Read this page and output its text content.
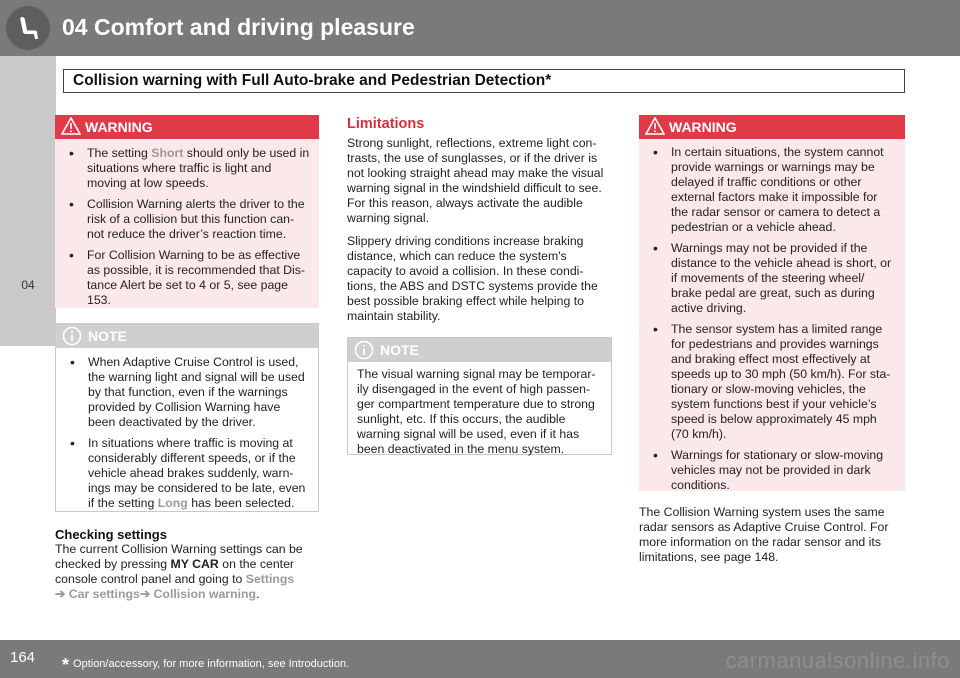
04 Comfort and driving pleasure
04
Collision warning with Full Auto-brake and Pedestrian Detection*
WARNING
• The setting Short should only be used in situations where traffic is light and moving at low speeds.
• Collision Warning alerts the driver to the risk of a collision but this function can-not reduce the driver’s reaction time.
• For Collision Warning to be as effective as possible, it is recommended that Dis-tance Alert be set to 4 or 5, see page 153.
NOTE
• When Adaptive Cruise Control is used, the warning light and signal will be used by that function, even if the warnings provided by Collision Warning have been deactivated by the driver.
• In situations where traffic is moving at considerably different speeds, or if the vehicle ahead brakes suddenly, warn-ings may be considered to be late, even if the setting Long has been selected.
Checking settings

The current Collision Warning settings can be checked by pressing MY CAR on the center console control panel and going to Settings
➔ Car settings➔ Collision warning.

Limitations

Strong sunlight, reflections, extreme light con-trasts, the use of sunglasses, or if the driver is not looking straight ahead may make the visual warning signal in the windshield difficult to see. For this reason, always activate the audible warning signal.

Slippery driving conditions increase braking distance, which can reduce the system's capacity to avoid a collision. In these condi-tions, the ABS and DSTC systems provide the best possible braking effect while helping to maintain stability.

NOTE

The visual warning signal may be temporar-ily disengaged in the event of high passen-ger compartment temperature due to strong sunlight, etc. If this occurs, the audible warning signal will be used, even if it has been deactivated in the menu system.

WARNING
• In certain situations, the system cannot provide warnings or warnings may be delayed if traffic conditions or other external factors make it impossible for the radar sensor or camera to detect a pedestrian or a vehicle ahead.
• Warnings may not be provided if the distance to the vehicle ahead is short, or if movements of the steering wheel/ brake pedal are great, such as during active driving.
• The sensor system has a limited range for pedestrians and provides warnings and braking effect most effectively at speeds up to 30 mph (50 km/h). For sta-tionary or slow-moving vehicles, the system functions best if your vehicle’s speed is below approximately 45 mph (70 km/h).
• Warnings for stationary or slow-moving vehicles may not be provided in dark conditions.

The Collision Warning system uses the same radar sensors as Adaptive Cruise Control. For more information on the radar sensor and its limitations, see page 148.

164 * Option/accessory, for more information, see Introduction.	carmanualsonline.info
